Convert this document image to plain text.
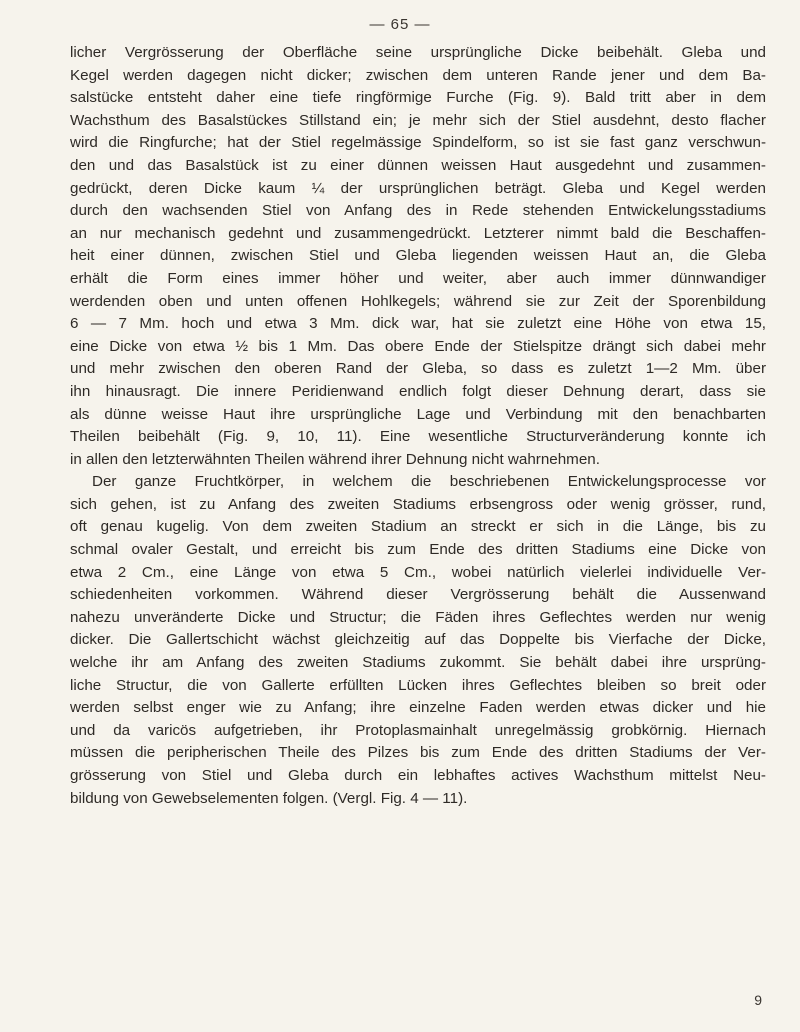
— 65 —
licher Vergrösserung der Oberfläche seine ursprüngliche Dicke beibehält. Gleba und
Kegel werden dagegen nicht dicker; zwischen dem unteren Rande jener und dem Ba-
salstücke entsteht daher eine tiefe ringförmige Furche (Fig. 9). Bald tritt aber in dem
Wachsthum des Basalstückes Stillstand ein; je mehr sich der Stiel ausdehnt, desto flacher
wird die Ringfurche; hat der Stiel regelmässige Spindelform, so ist sie fast ganz verschwun-
den und das Basalstück ist zu einer dünnen weissen Haut ausgedehnt und zusammen-
gedrückt, deren Dicke kaum ¼ der ursprünglichen beträgt. Gleba und Kegel werden
durch den wachsenden Stiel von Anfang des in Rede stehenden Entwickelungsstadiums
an nur mechanisch gedehnt und zusammengedrückt. Letzterer nimmt bald die Beschaffen-
heit einer dünnen, zwischen Stiel und Gleba liegenden weissen Haut an, die Gleba
erhält die Form eines immer höher und weiter, aber auch immer dünnwandiger
werdenden oben und unten offenen Hohlkegels; während sie zur Zeit der Sporenbildung
6 — 7 Mm. hoch und etwa 3 Mm. dick war, hat sie zuletzt eine Höhe von etwa 15,
eine Dicke von etwa ½ bis 1 Mm. Das obere Ende der Stielspitze drängt sich dabei mehr
und mehr zwischen den oberen Rand der Gleba, so dass es zuletzt 1—2 Mm. über
ihn hinausragt. Die innere Peridienwand endlich folgt dieser Dehnung derart, dass sie
als dünne weisse Haut ihre ursprüngliche Lage und Verbindung mit den benachbarten
Theilen beibehält (Fig. 9, 10, 11). Eine wesentliche Structurveränderung konnte ich
in allen den letzterwähnten Theilen während ihrer Dehnung nicht wahrnehmen.
Der ganze Fruchtkörper, in welchem die beschriebenen Entwickelungsprocesse vor
sich gehen, ist zu Anfang des zweiten Stadiums erbsengross oder wenig grösser, rund,
oft genau kugelig. Von dem zweiten Stadium an streckt er sich in die Länge, bis zu
schmal ovaler Gestalt, und erreicht bis zum Ende des dritten Stadiums eine Dicke von
etwa 2 Cm., eine Länge von etwa 5 Cm., wobei natürlich vielerlei individuelle Ver-
schiedenheiten vorkommen. Während dieser Vergrösserung behält die Aussenwand
nahezu unveränderte Dicke und Structur; die Fäden ihres Geflechtes werden nur wenig
dicker. Die Gallertschicht wächst gleichzeitig auf das Doppelte bis Vierfache der Dicke,
welche ihr am Anfang des zweiten Stadiums zukommt. Sie behält dabei ihre ursprüng-
liche Structur, die von Gallerte erfüllten Lücken ihres Geflechtes bleiben so breit oder
werden selbst enger wie zu Anfang; ihre einzelne Faden werden etwas dicker und hie
und da varicös aufgetrieben, ihr Protoplasmainhalt unregelmässig grobkörnig. Hiernach
müssen die peripherischen Theile des Pilzes bis zum Ende des dritten Stadiums der Ver-
grösserung von Stiel und Gleba durch ein lebhaftes actives Wachsthum mittelst Neu-
bildung von Gewebselementen folgen. (Vergl. Fig. 4 — 11).
9
